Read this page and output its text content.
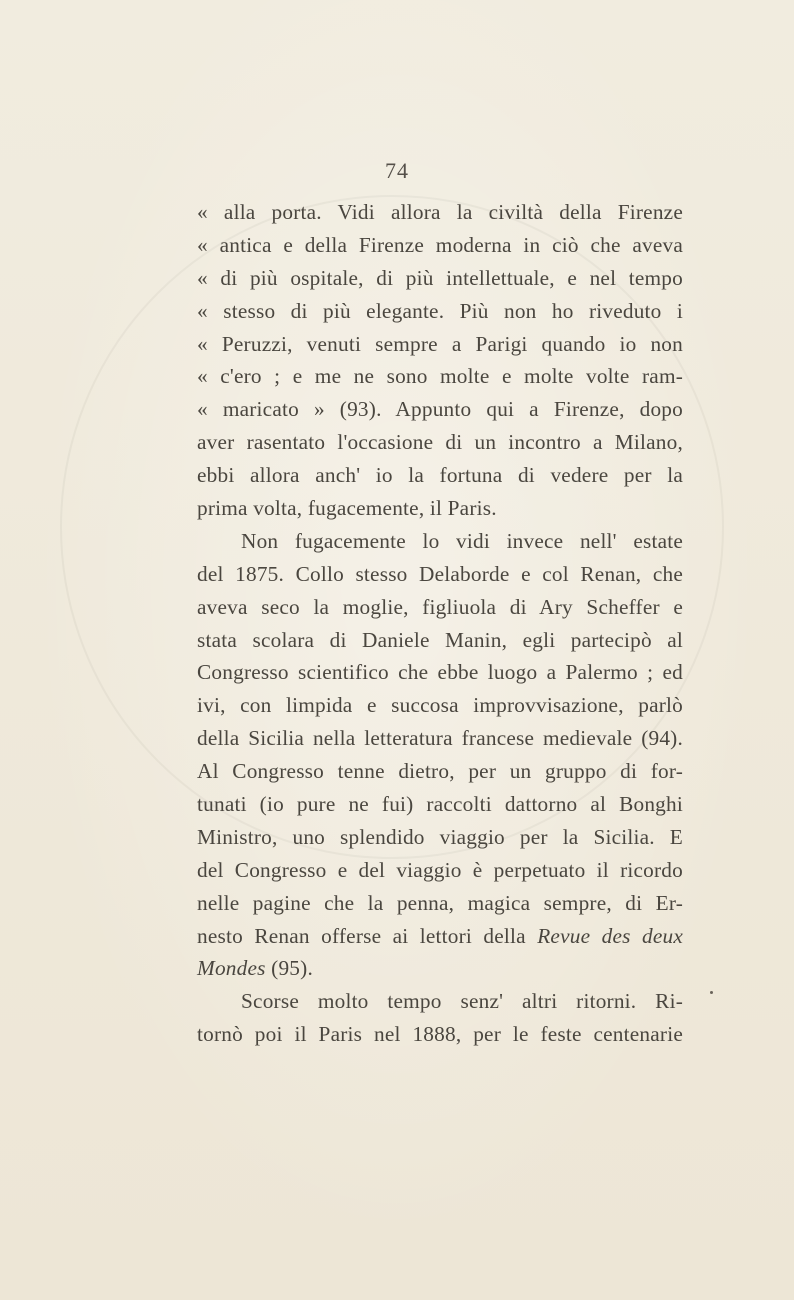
74
« alla porta. Vidi allora la civiltà della Firenze
« antica e della Firenze moderna in ciò che aveva
« di più ospitale, di più intellettuale, e nel tempo
« stesso di più elegante. Più non ho riveduto i
« Peruzzi, venuti sempre a Parigi quando io non
« c'ero ; e me ne sono molte e molte volte ram-
« maricato » (93). Appunto qui a Firenze, dopo
aver rasentato l'occasione di un incontro a Milano,
ebbi allora anch' io la fortuna di vedere per la
prima volta, fugacemente, il Paris.
Non fugacemente lo vidi invece nell' estate
del 1875. Collo stesso Delaborde e col Renan, che
aveva seco la moglie, figliuola di Ary Scheffer e
stata scolara di Daniele Manin, egli partecipò al
Congresso scientifico che ebbe luogo a Palermo ; ed
ivi, con limpida e succosa improvvisazione, parlò
della Sicilia nella letteratura francese medievale (94).
Al Congresso tenne dietro, per un gruppo di for-
tunati (io pure ne fui) raccolti dattorno al Bonghi
Ministro, uno splendido viaggio per la Sicilia. E
del Congresso e del viaggio è perpetuato il ricordo
nelle pagine che la penna, magica sempre, di Er-
nesto Renan offerse ai lettori della Revue des deux
Mondes (95).
Scorse molto tempo senz' altri ritorni. Ri-
tornò poi il Paris nel 1888, per le feste centenarie
